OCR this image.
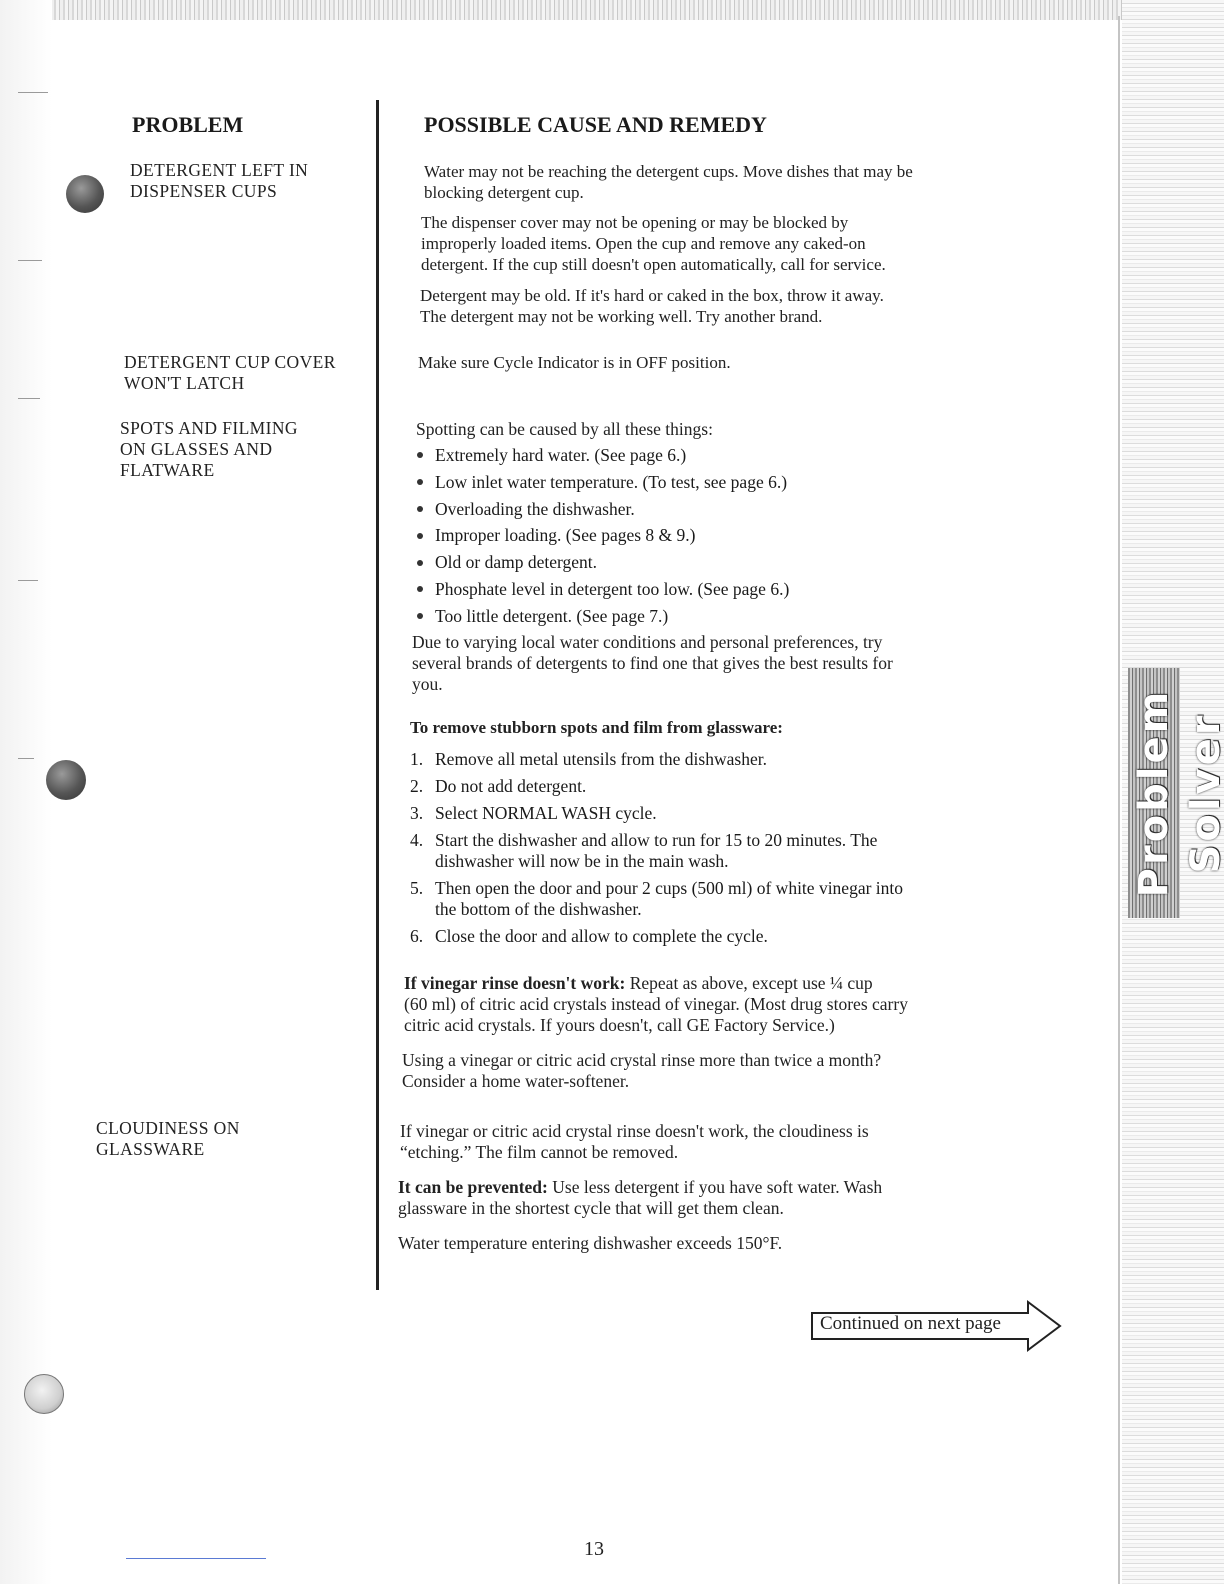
Problem Solver
PROBLEM	POSSIBLE CAUSE AND REMEDY
DETERGENT LEFT IN
DISPENSER CUPS
DETERGENT CUP COVER
WON'T LATCH
SPOTS AND FILMING
ON GLASSES AND
FLATWARE
CLOUDINESS ON
GLASSWARE

Water may not be reaching the detergent cups. Move dishes that may be
blocking detergent cup.

The dispenser cover may not be opening or may be blocked by
improperly loaded items. Open the cup and remove any caked-on
detergent. If the cup still doesn't open automatically, call for service.

Detergent may be old. If it's hard or caked in the box, throw it away.
The detergent may not be working well. Try another brand.

Make sure Cycle Indicator is in OFF position.

Spotting can be caused by all these things:

Extremely hard water. (See page 6.)
Low inlet water temperature. (To test, see page 6.)
Overloading the dishwasher.
Improper loading. (See pages 8 & 9.)
Old or damp detergent.
Phosphate level in detergent too low. (See page 6.)
Too little detergent. (See page 7.)

Due to varying local water conditions and personal preferences, try
several brands of detergents to find one that gives the best results for
you.

To remove stubborn spots and film from glassware:

1. Remove all metal utensils from the dishwasher.
2. Do not add detergent.
3. Select NORMAL WASH cycle.
4. Start the dishwasher and allow to run for 15 to 20 minutes. The
dishwasher will now be in the main wash.
5. Then open the door and pour 2 cups (500 ml) of white vinegar into
the bottom of the dishwasher.
6. Close the door and allow to complete the cycle.

If vinegar rinse doesn't work: Repeat as above, except use ¼ cup
(60 ml) of citric acid crystals instead of vinegar. (Most drug stores carry
citric acid crystals. If yours doesn't, call GE Factory Service.)

Using a vinegar or citric acid crystal rinse more than twice a month?
Consider a home water-softener.

If vinegar or citric acid crystal rinse doesn't work, the cloudiness is
“etching.” The film cannot be removed.

It can be prevented: Use less detergent if you have soft water. Wash
glassware in the shortest cycle that will get them clean.

Water temperature entering dishwasher exceeds 150°F.

Continued on next page
13
